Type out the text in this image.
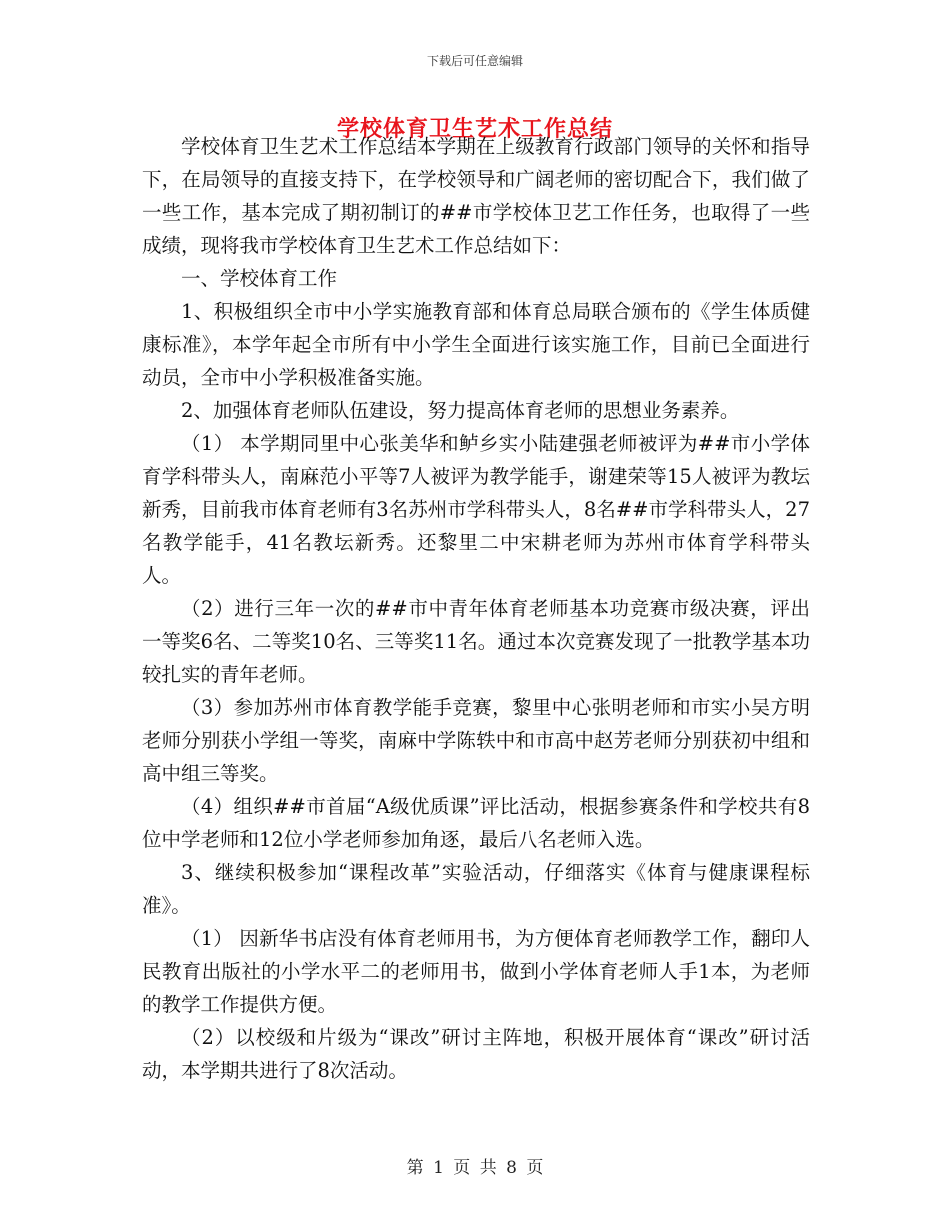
下载后可任意编辑
学校体育卫生艺术工作总结

学校体育卫生艺术工作总结本学期在上级教育行政部门领导的关怀和指导下，在局领导的直接支持下，在学校领导和广阔老师的密切配合下，我们做了一些工作，基本完成了期初制订的##市学校体卫艺工作任务，也取得了一些成绩，现将我市学校体育卫生艺术工作总结如下：

一、学校体育工作

1、积极组织全市中小学实施教育部和体育总局联合颁布的《学生体质健康标准》，本学年起全市所有中小学生全面进行该实施工作，目前已全面进行动员，全市中小学积极准备实施。

2、加强体育老师队伍建设，努力提高体育老师的思想业务素养。

（1） 本学期同里中心张美华和鲈乡实小陆建强老师被评为##市小学体育学科带头人，南麻范小平等7人被评为教学能手，谢建荣等15人被评为教坛新秀，目前我市体育老师有3名苏州市学科带头人，8名##市学科带头人，27名教学能手，41名教坛新秀。还黎里二中宋耕老师为苏州市体育学科带头人。

（2）进行三年一次的##市中青年体育老师基本功竞赛市级决赛，评出一等奖6名、二等奖10名、三等奖11名。通过本次竞赛发现了一批教学基本功较扎实的青年老师。

（3）参加苏州市体育教学能手竞赛，黎里中心张明老师和市实小吴方明老师分别获小学组一等奖，南麻中学陈轶中和市高中赵芳老师分别获初中组和高中组三等奖。

（4）组织##市首届“A级优质课”评比活动，根据参赛条件和学校共有8位中学老师和12位小学老师参加角逐，最后八名老师入选。

3、继续积极参加“课程改革”实验活动，仔细落实《体育与健康课程标准》。

（1） 因新华书店没有体育老师用书，为方便体育老师教学工作，翻印人民教育出版社的小学水平二的老师用书，做到小学体育老师人手1本，为老师的教学工作提供方便。

（2）以校级和片级为“课改”研讨主阵地，积极开展体育“课改”研讨活动，本学期共进行了8次活动。

第 1 页 共 8 页
